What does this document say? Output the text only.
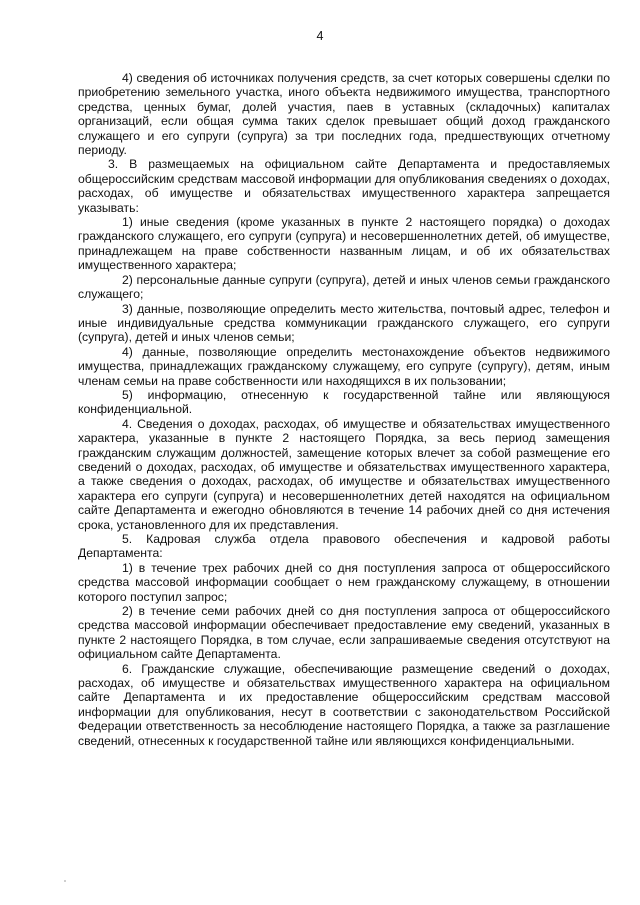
4

4) сведения об источниках получения средств, за счет которых совершены сделки по приобретению земельного участка, иного объекта недвижимого имущества, транспортного средства, ценных бумаг, долей участия, паев в уставных (складочных) капиталах организаций, если общая сумма таких сделок превышает общий доход гражданского служащего и его супруги (супруга) за три последних года, предшествующих отчетному периоду.

3. В размещаемых на официальном сайте Департамента и предоставляемых общероссийским средствам массовой информации для опубликования сведениях о доходах, расходах, об имуществе и обязательствах имущественного характера запрещается указывать:

1) иные сведения (кроме указанных в пункте 2 настоящего порядка) о доходах гражданского служащего, его супруги (супруга) и несовершеннолетних детей, об имуществе, принадлежащем на праве собственности названным лицам, и об их обязательствах имущественного характера;

2) персональные данные супруги (супруга), детей и иных членов семьи гражданского служащего;

3) данные, позволяющие определить место жительства, почтовый адрес, телефон и иные индивидуальные средства коммуникации гражданского служащего, его супруги (супруга), детей и иных членов семьи;

4) данные, позволяющие определить местонахождение объектов недвижимого имущества, принадлежащих гражданскому служащему, его супруге (супругу), детям, иным членам семьи на праве собственности или находящихся в их пользовании;

5) информацию, отнесенную к государственной тайне или являющуюся конфиденциальной.

4. Сведения о доходах, расходах, об имуществе и обязательствах имущественного характера, указанные в пункте 2 настоящего Порядка, за весь период замещения гражданским служащим должностей, замещение которых влечет за собой размещение его сведений о доходах, расходах, об имуществе и обязательствах имущественного характера, а также сведения о доходах, расходах, об имуществе и обязательствах имущественного характера его супруги (супруга) и несовершеннолетних детей находятся на официальном сайте Департамента и ежегодно обновляются в течение 14 рабочих дней со дня истечения срока, установленного для их представления.

5. Кадровая служба отдела правового обеспечения и кадровой работы Департамента:

1) в течение трех рабочих дней со дня поступления запроса от общероссийского средства массовой информации сообщает о нем гражданскому служащему, в отношении которого поступил запрос;

2) в течение семи рабочих дней со дня поступления запроса от общероссийского средства массовой информации обеспечивает предоставление ему сведений, указанных в пункте 2 настоящего Порядка, в том случае, если запрашиваемые сведения отсутствуют на официальном сайте Департамента.

6. Гражданские служащие, обеспечивающие размещение сведений о доходах, расходах, об имуществе и обязательствах имущественного характера на официальном сайте Департамента и их предоставление общероссийским средствам массовой информации для опубликования, несут в соответствии с законодательством Российской Федерации ответственность за несоблюдение настоящего Порядка, а также за разглашение сведений, отнесенных к государственной тайне или являющихся конфиденциальными.
